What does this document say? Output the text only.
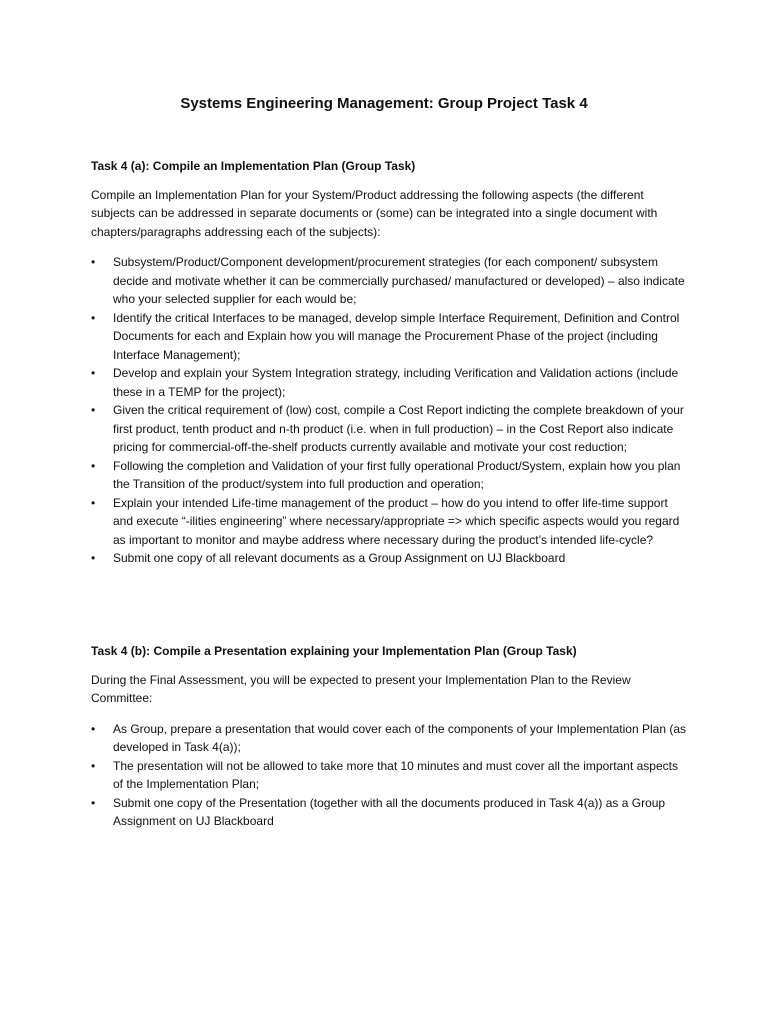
Systems Engineering Management: Group Project Task 4

Task 4 (a): Compile an Implementation Plan (Group Task)

Compile an Implementation Plan for your System/Product addressing the following aspects (the different subjects can be addressed in separate documents or (some) can be integrated into a single document with chapters/paragraphs addressing each of the subjects):

• Subsystem/Product/Component development/procurement strategies (for each component/ subsystem decide and motivate whether it can be commercially purchased/ manufactured or developed) – also indicate who your selected supplier for each would be;
• Identify the critical Interfaces to be managed, develop simple Interface Requirement, Definition and Control Documents for each and Explain how you will manage the Procurement Phase of the project (including Interface Management);
• Develop and explain your System Integration strategy, including Verification and Validation actions (include these in a TEMP for the project);
• Given the critical requirement of (low) cost, compile a Cost Report indicting the complete breakdown of your first product, tenth product and n-th product (i.e. when in full production) – in the Cost Report also indicate pricing for commercial-off-the-shelf products currently available and motivate your cost reduction;
• Following the completion and Validation of your first fully operational Product/System, explain how you plan the Transition of the product/system into full production and operation;
• Explain your intended Life-time management of the product – how do you intend to offer life-time support and execute “-ilities engineering” where necessary/appropriate => which specific aspects would you regard as important to monitor and maybe address where necessary during the product’s intended life-cycle?
• Submit one copy of all relevant documents as a Group Assignment on UJ Blackboard

Task 4 (b): Compile a Presentation explaining your Implementation Plan (Group Task)

During the Final Assessment, you will be expected to present your Implementation Plan to the Review Committee:

• As Group, prepare a presentation that would cover each of the components of your Implementation Plan (as developed in Task 4(a));
• The presentation will not be allowed to take more that 10 minutes and must cover all the important aspects of the Implementation Plan;
• Submit one copy of the Presentation (together with all the documents produced in Task 4(a)) as a Group Assignment on UJ Blackboard
